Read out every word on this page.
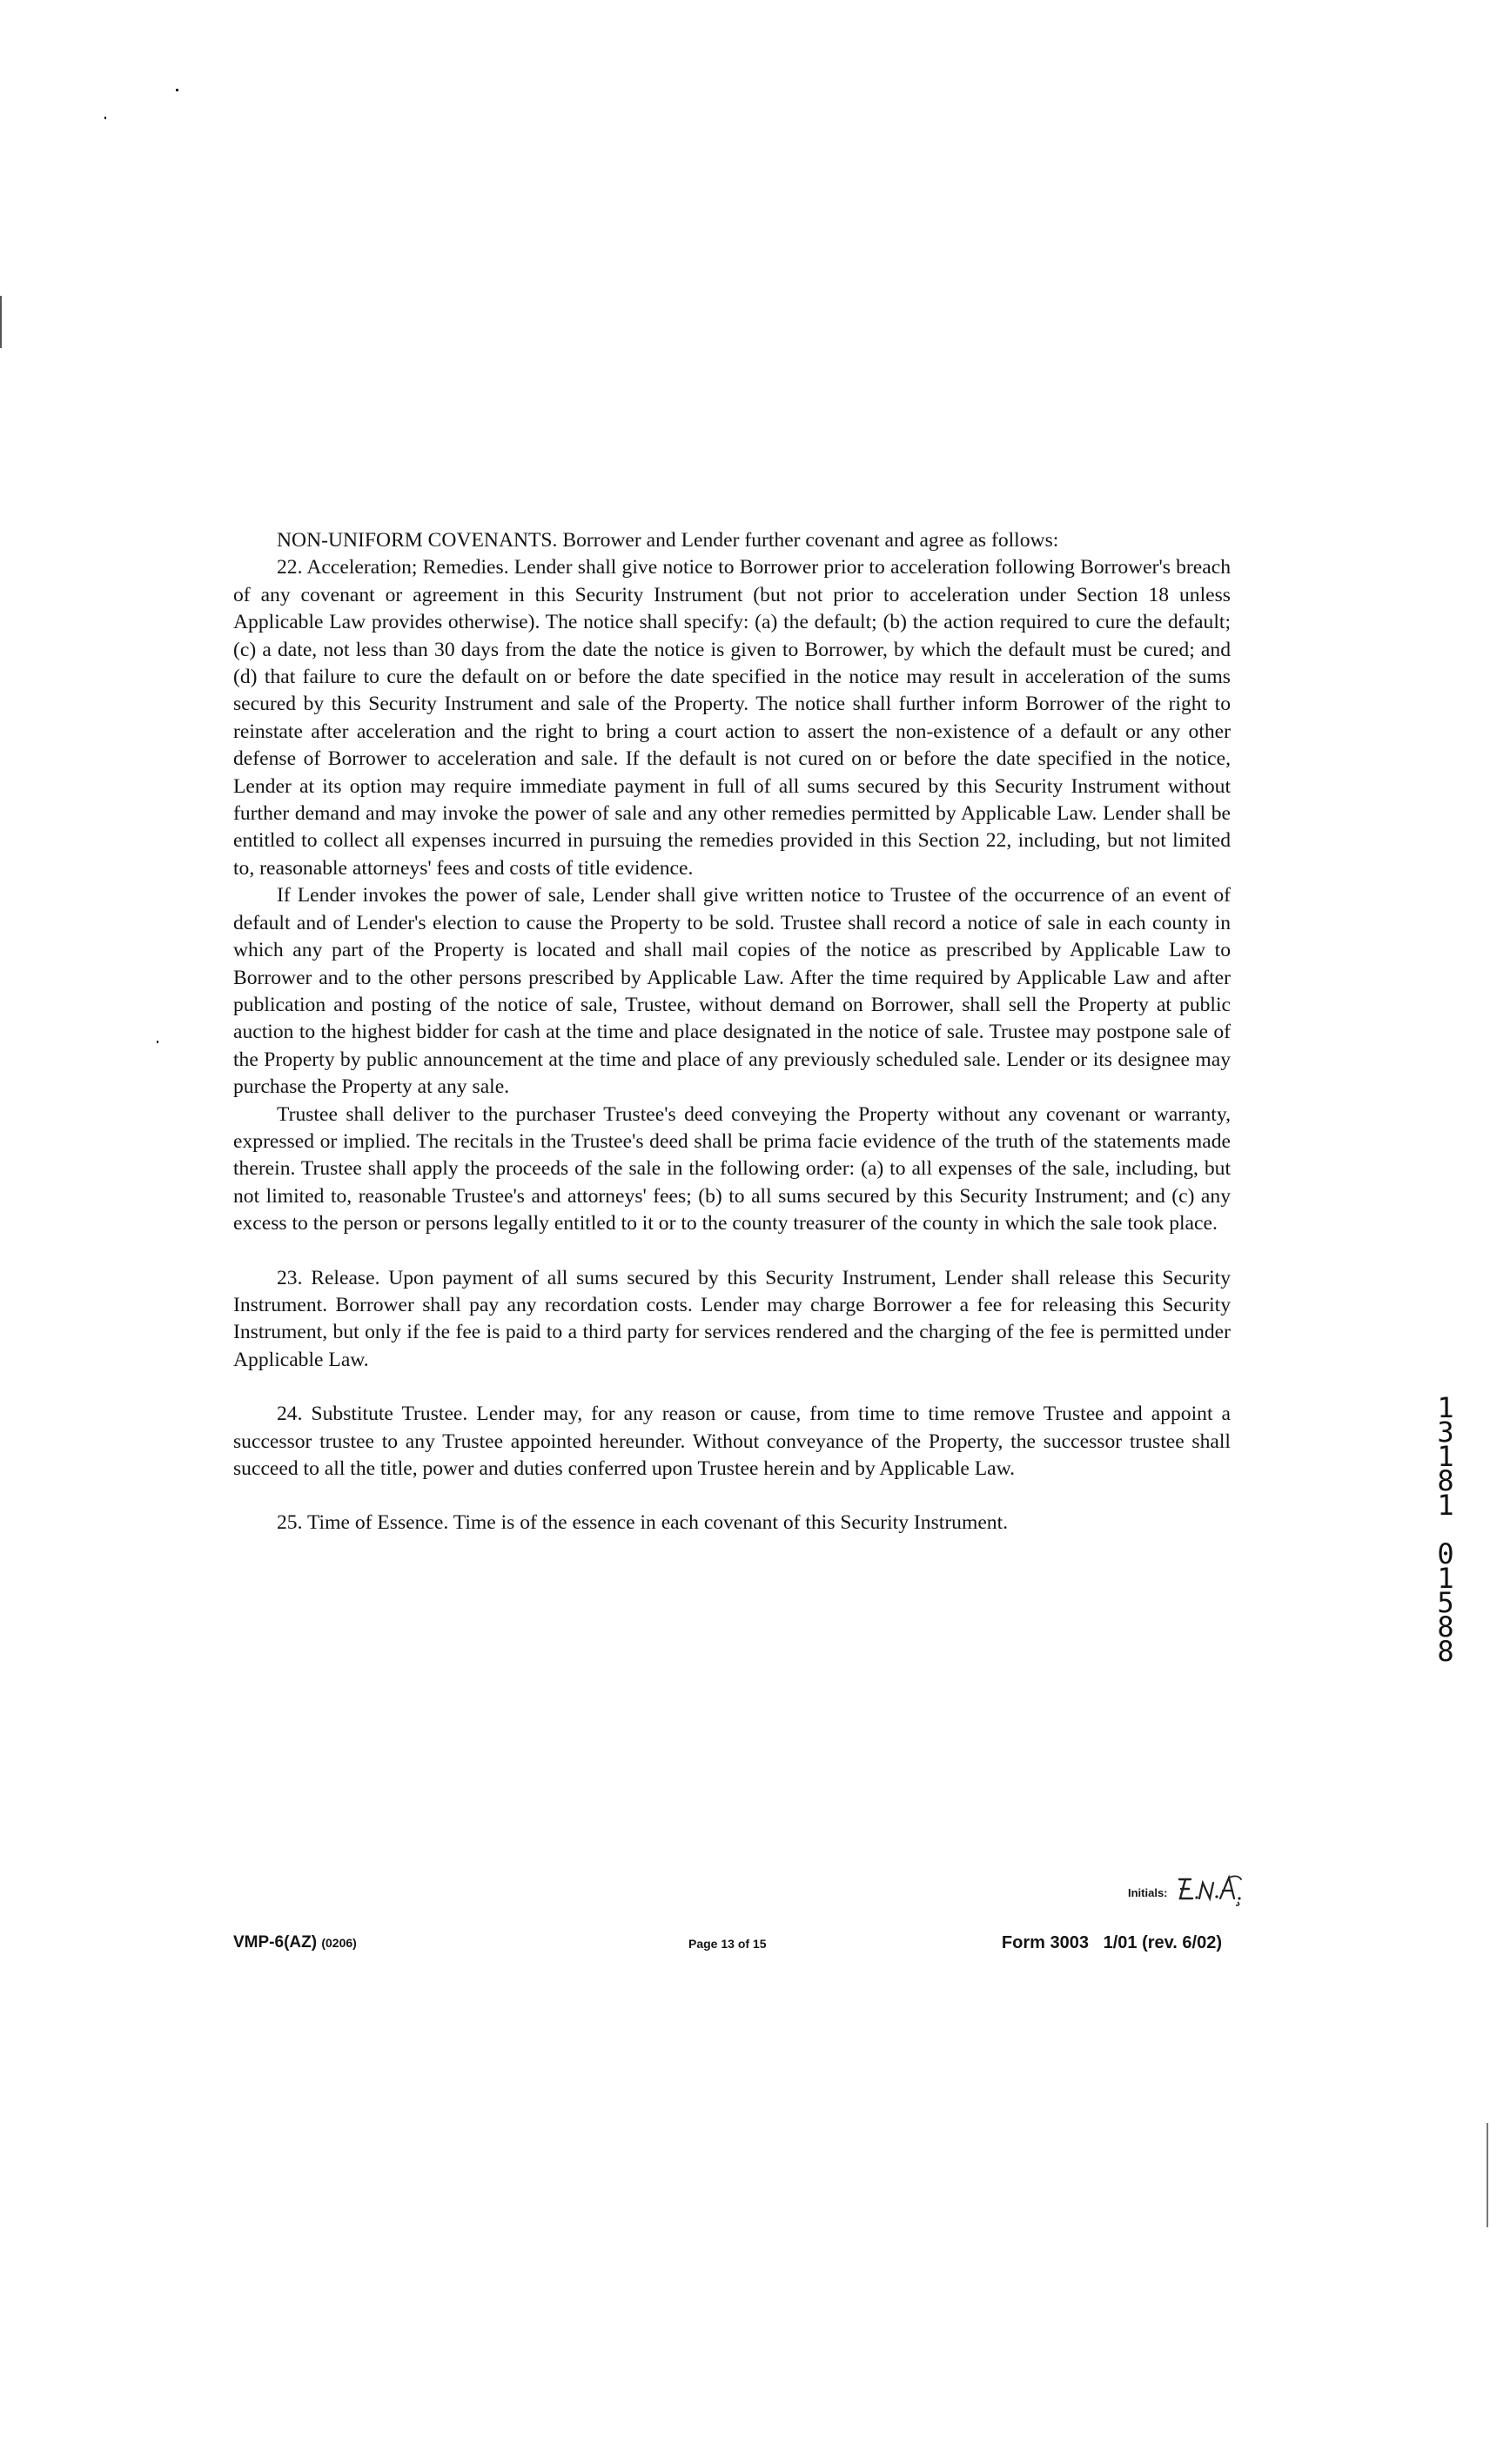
NON-UNIFORM COVENANTS. Borrower and Lender further covenant and agree as follows:

22. Acceleration; Remedies. Lender shall give notice to Borrower prior to acceleration following Borrower's breach of any covenant or agreement in this Security Instrument (but not prior to acceleration under Section 18 unless Applicable Law provides otherwise). The notice shall specify: (a) the default; (b) the action required to cure the default; (c) a date, not less than 30 days from the date the notice is given to Borrower, by which the default must be cured; and (d) that failure to cure the default on or before the date specified in the notice may result in acceleration of the sums secured by this Security Instrument and sale of the Property. The notice shall further inform Borrower of the right to reinstate after acceleration and the right to bring a court action to assert the non-existence of a default or any other defense of Borrower to acceleration and sale. If the default is not cured on or before the date specified in the notice, Lender at its option may require immediate payment in full of all sums secured by this Security Instrument without further demand and may invoke the power of sale and any other remedies permitted by Applicable Law. Lender shall be entitled to collect all expenses incurred in pursuing the remedies provided in this Section 22, including, but not limited to, reasonable attorneys' fees and costs of title evidence.

If Lender invokes the power of sale, Lender shall give written notice to Trustee of the occurrence of an event of default and of Lender's election to cause the Property to be sold. Trustee shall record a notice of sale in each county in which any part of the Property is located and shall mail copies of the notice as prescribed by Applicable Law to Borrower and to the other persons prescribed by Applicable Law. After the time required by Applicable Law and after publication and posting of the notice of sale, Trustee, without demand on Borrower, shall sell the Property at public auction to the highest bidder for cash at the time and place designated in the notice of sale. Trustee may postpone sale of the Property by public announcement at the time and place of any previously scheduled sale. Lender or its designee may purchase the Property at any sale.

Trustee shall deliver to the purchaser Trustee's deed conveying the Property without any covenant or warranty, expressed or implied. The recitals in the Trustee's deed shall be prima facie evidence of the truth of the statements made therein. Trustee shall apply the proceeds of the sale in the following order: (a) to all expenses of the sale, including, but not limited to, reasonable Trustee's and attorneys' fees; (b) to all sums secured by this Security Instrument; and (c) any excess to the person or persons legally entitled to it or to the county treasurer of the county in which the sale took place.

23. Release. Upon payment of all sums secured by this Security Instrument, Lender shall release this Security Instrument. Borrower shall pay any recordation costs. Lender may charge Borrower a fee for releasing this Security Instrument, but only if the fee is paid to a third party for services rendered and the charging of the fee is permitted under Applicable Law.

24. Substitute Trustee. Lender may, for any reason or cause, from time to time remove Trustee and appoint a successor trustee to any Trustee appointed hereunder. Without conveyance of the Property, the successor trustee shall succeed to all the title, power and duties conferred upon Trustee herein and by Applicable Law.

25. Time of Essence. Time is of the essence in each covenant of this Security Instrument.

1
3
1
8
1
0
1
5
8
8
Initials:
VMP-6(AZ) (0206)	Page 13 of 15	Form 3003   1/01 (rev. 6/02)
